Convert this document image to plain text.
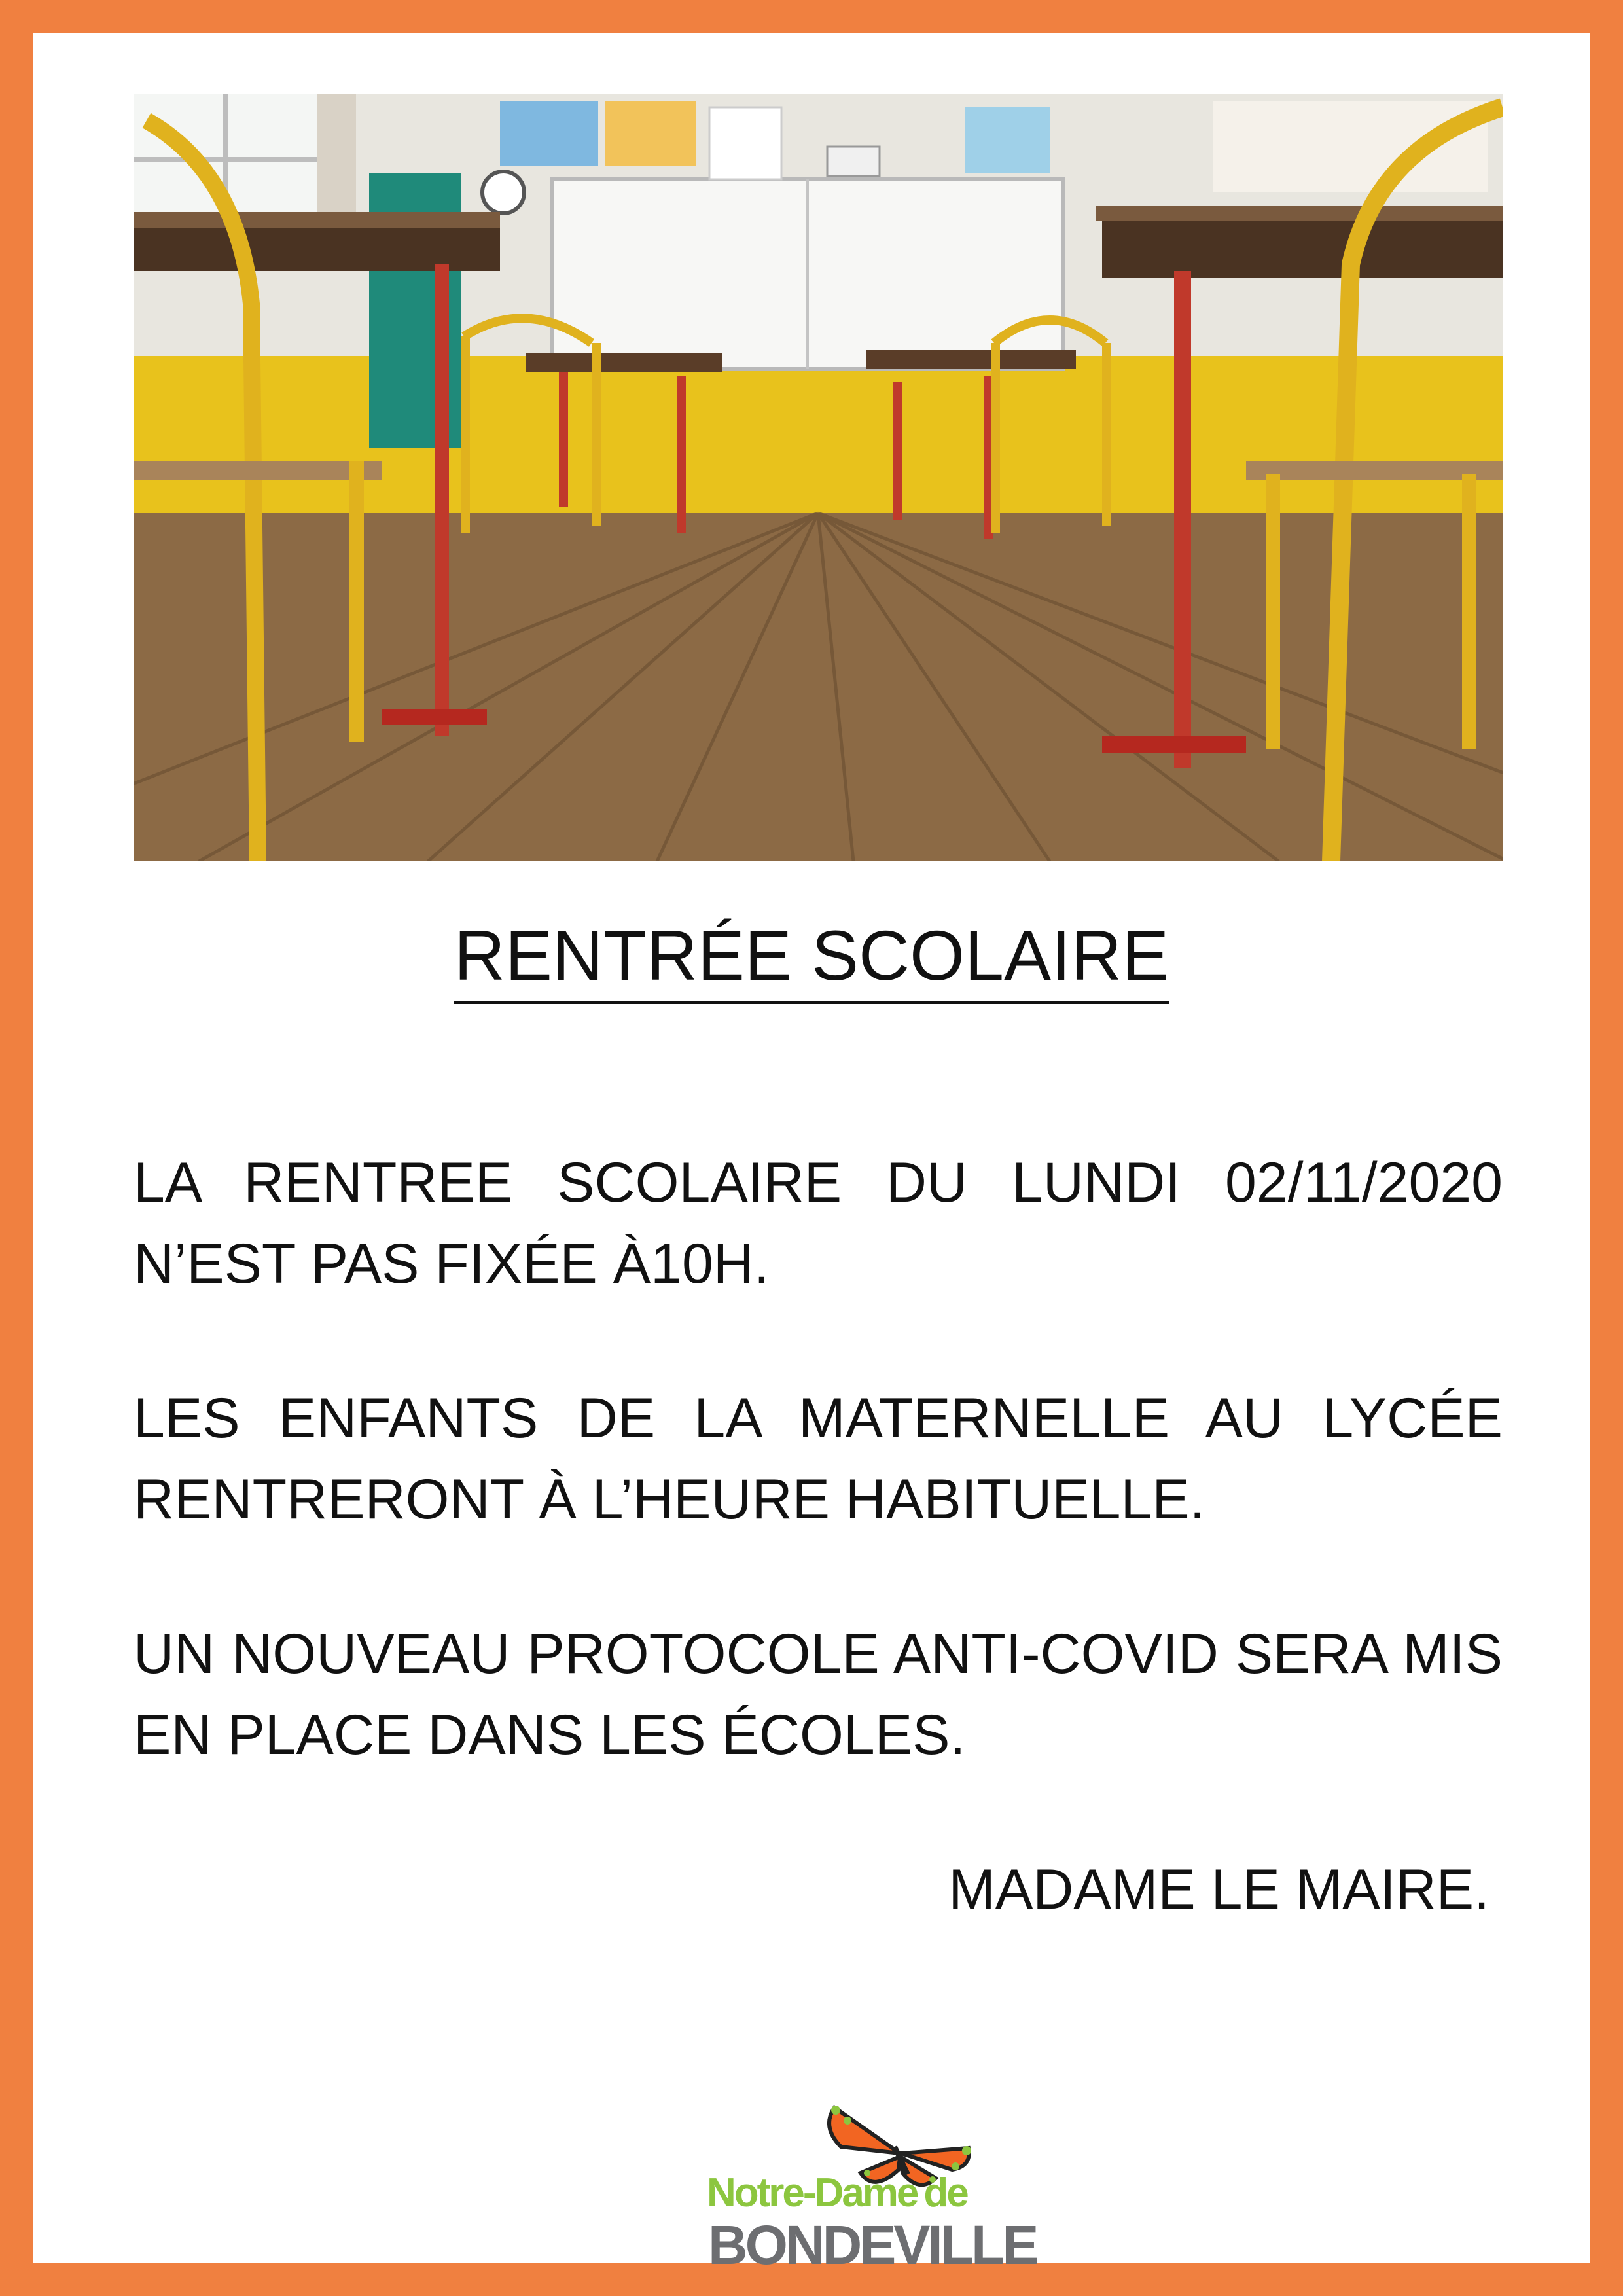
RENTRÉE SCOLAIRE
LA RENTREE SCOLAIRE DU LUNDI 02/11/2020 N’EST PAS FIXÉE À10H.
LES ENFANTS DE LA MATERNELLE AU LYCÉE RENTRERONT À L’HEURE HABITUELLE.
UN NOUVEAU PROTOCOLE ANTI-COVID SERA MIS EN PLACE DANS LES ÉCOLES.
MADAME LE MAIRE.
Notre-Dame de
BONDEVILLE
